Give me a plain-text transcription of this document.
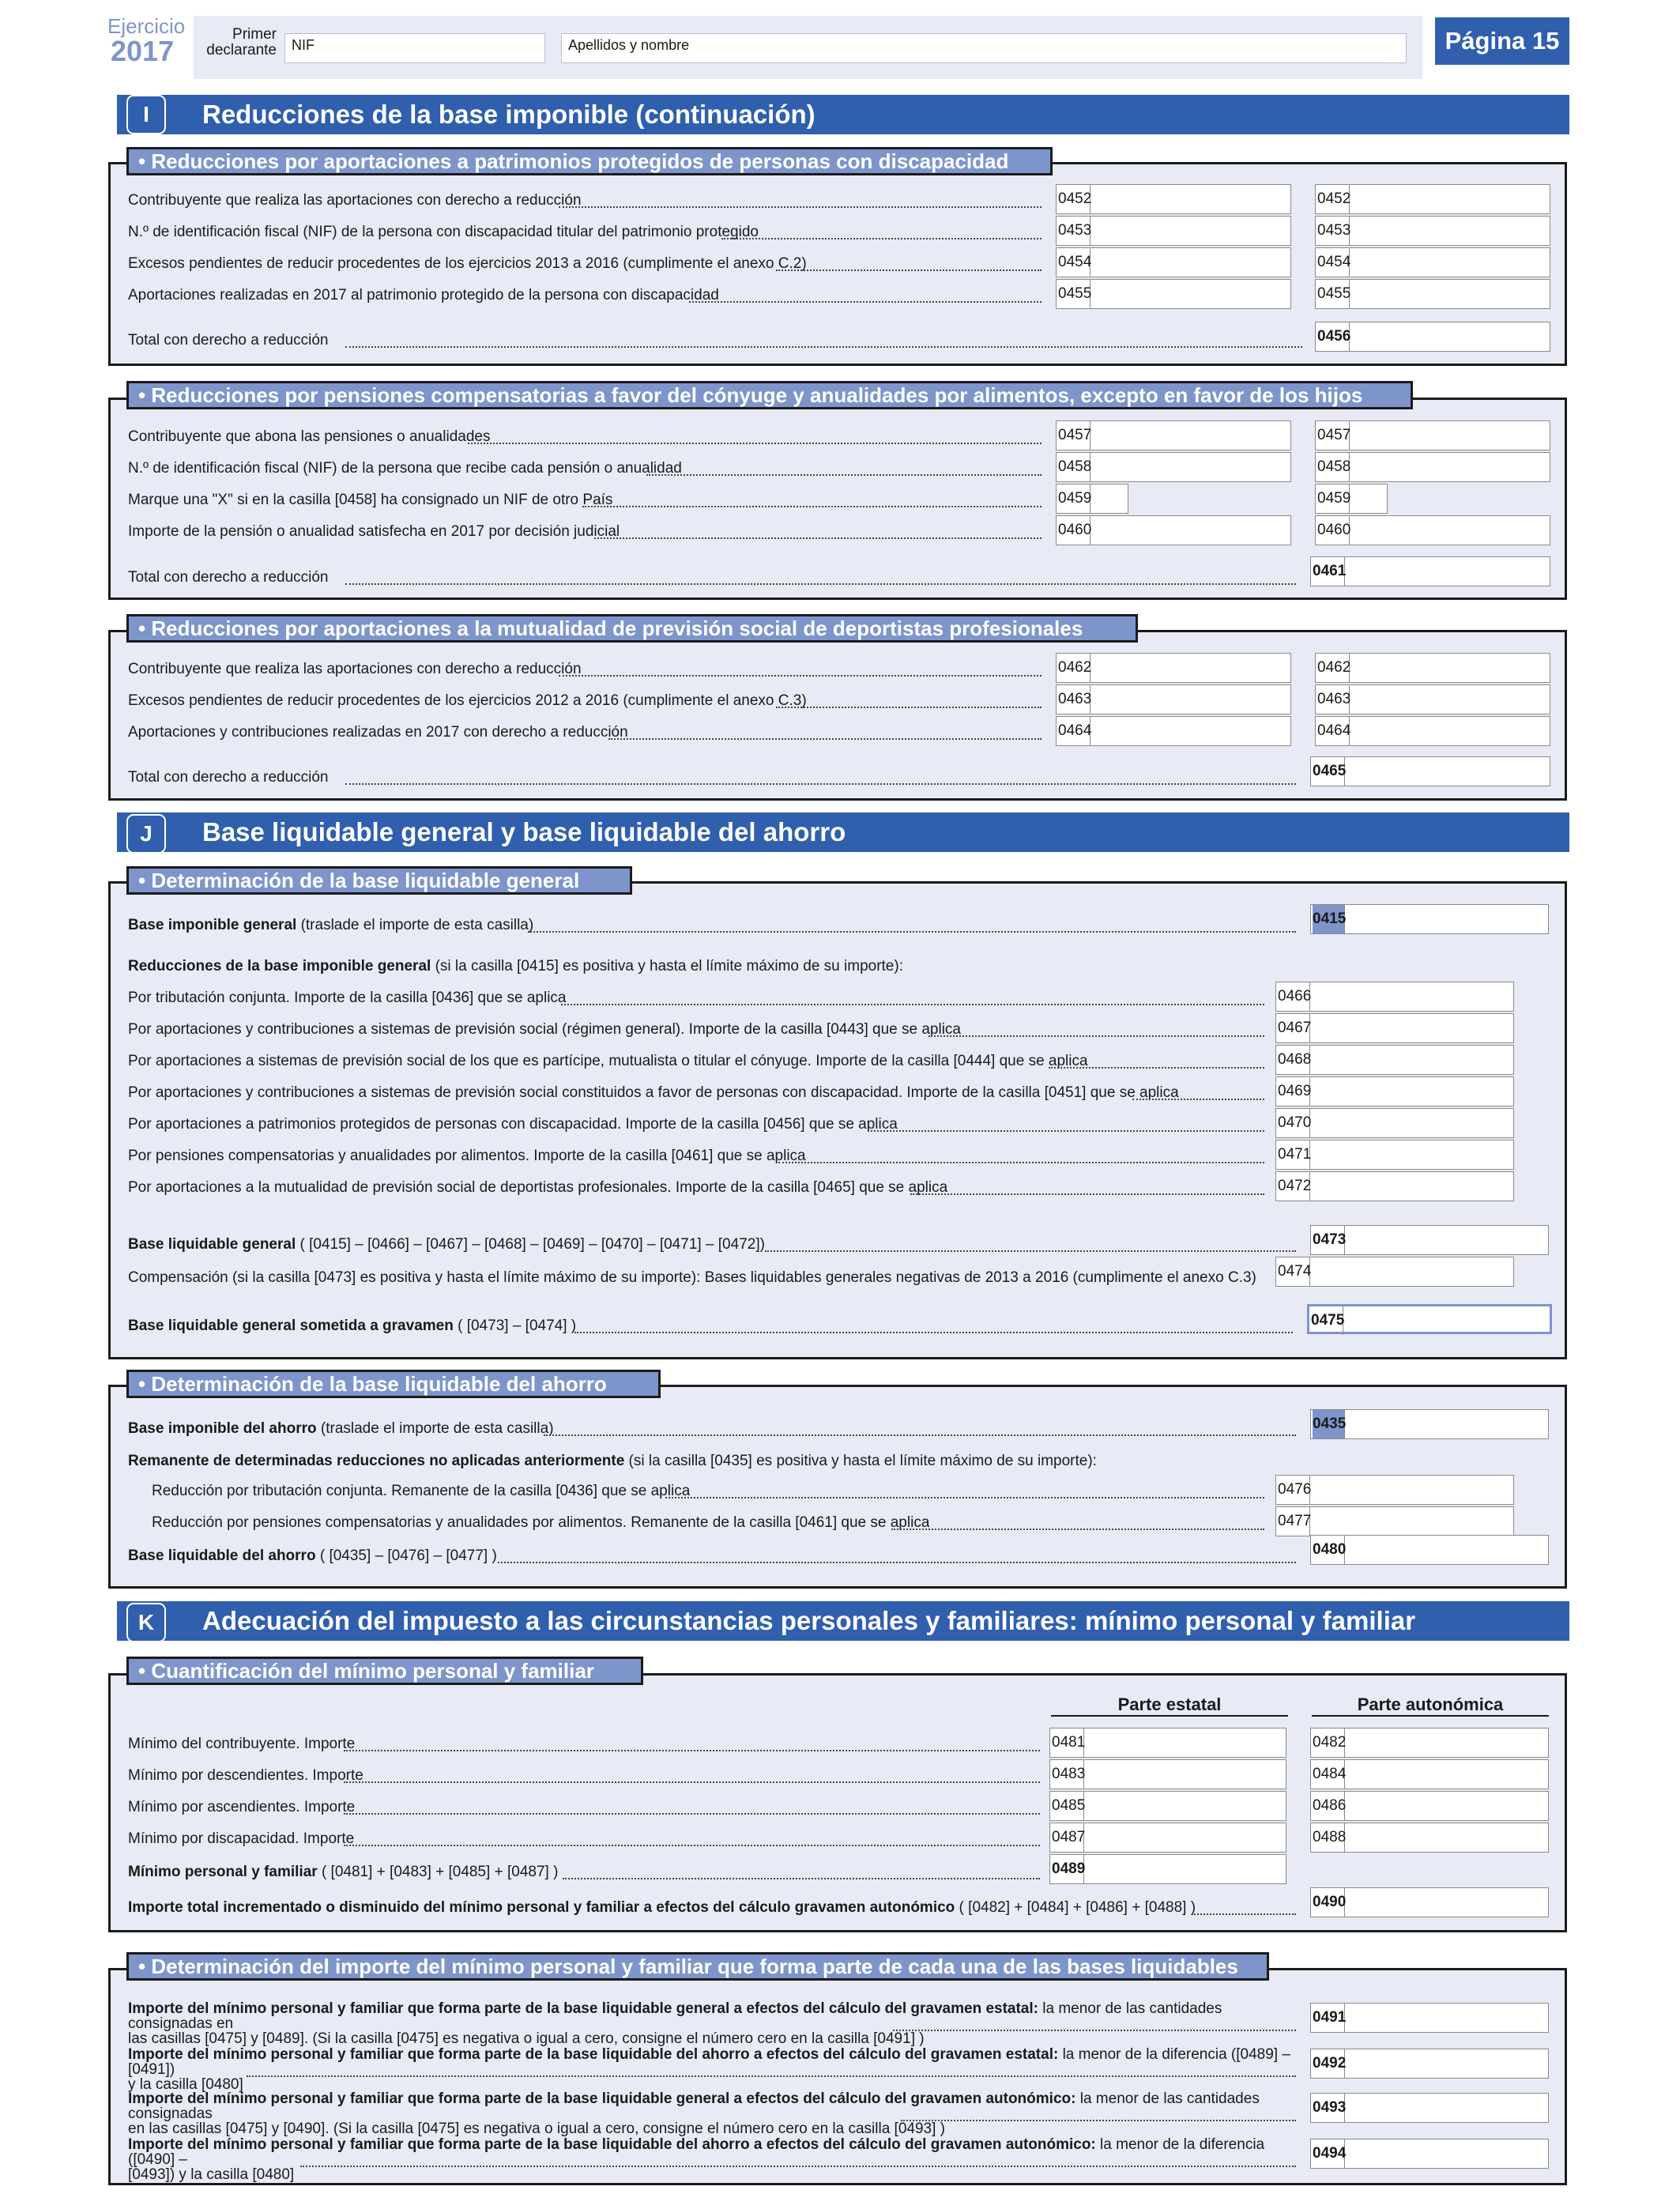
Ejercicio
2017
Primer declarante	NIF	Apellidos y nombre	Página 15
I	Reducciones de la base imponible (continuación)
• Reducciones por aportaciones a patrimonios protegidos de personas con discapacidad
• Reducciones por pensiones compensatorias a favor del cónyuge y anualidades por alimentos, excepto en favor de los hijos
• Reducciones por aportaciones a la mutualidad de previsión social de deportistas profesionales
J	Base liquidable general y base liquidable del ahorro
• Determinación de la base liquidable general
• Determinación de la base liquidable del ahorro
K	Adecuación del impuesto a las circunstancias personales y familiares: mínimo personal y familiar
• Cuantificación del mínimo personal y familiar
• Determinación del importe del mínimo personal y familiar que forma parte de cada una de las bases liquidables
Contribuyente que realiza las aportaciones con derecho a reducción	0452	0452
N.º de identificación fiscal (NIF) de la persona con discapacidad titular del patrimonio protegido	0453	0453
Excesos pendientes de reducir procedentes de los ejercicios 2013 a 2016 (cumplimente el anexo C.2)	0454	0454
Aportaciones realizadas en 2017 al patrimonio protegido de la persona con discapacidad	0455	0455
Total con derecho a reducción	0456
Contribuyente que abona las pensiones o anualidades	0457	0457
N.º de identificación fiscal (NIF) de la persona que recibe cada pensión o anualidad	0458	0458
Marque una "X" si en la casilla [0458] ha consignado un NIF de otro País	0459	0459
Importe de la pensión o anualidad satisfecha en 2017 por decisión judicial	0460	0460
Total con derecho a reducción	0461
Contribuyente que realiza las aportaciones con derecho a reducción	0462	0462
Excesos pendientes de reducir procedentes de los ejercicios 2012 a 2016 (cumplimente el anexo C.3)	0463	0463
Aportaciones y contribuciones realizadas en 2017 con derecho a reducción	0464	0464
Total con derecho a reducción	0465
Base imponible general (traslade el importe de esta casilla)	0415
Reducciones de la base imponible general (si la casilla [0415] es positiva y hasta el límite máximo de su importe):
Por tributación conjunta. Importe de la casilla [0436] que se aplica	0466
Por aportaciones y contribuciones a sistemas de previsión social (régimen general). Importe de la casilla [0443] que se aplica	0467
Por aportaciones a sistemas de previsión social de los que es partícipe, mutualista o titular el cónyuge. Importe de la casilla [0444] que se aplica	0468
Por aportaciones y contribuciones a sistemas de previsión social constituidos a favor de personas con discapacidad. Importe de la casilla [0451] que se aplica	0469
Por aportaciones a patrimonios protegidos de personas con discapacidad. Importe de la casilla [0456] que se aplica	0470
Por pensiones compensatorias y anualidades por alimentos. Importe de la casilla [0461] que se aplica	0471
Por aportaciones a la mutualidad de previsión social de deportistas profesionales. Importe de la casilla [0465] que se aplica	0472
Base liquidable general ( [0415] – [0466] – [0467] – [0468] – [0469] – [0470] – [0471] – [0472])	0473
Compensación (si la casilla [0473] es positiva y hasta el límite máximo de su importe): Bases liquidables generales negativas de 2013 a 2016 (cumplimente el anexo C.3) 0474
Base liquidable general sometida a gravamen ( [0473] – [0474] )	0475
Base imponible del ahorro (traslade el importe de esta casilla)	0435
Remanente de determinadas reducciones no aplicadas anteriormente (si la casilla [0435] es positiva y hasta el límite máximo de su importe):
Reducción por tributación conjunta. Remanente de la casilla [0436] que se aplica	0476
Reducción por pensiones compensatorias y anualidades por alimentos. Remanente de la casilla [0461] que se aplica	0477
Base liquidable del ahorro ( [0435] – [0476] – [0477] )	0480
Parte estatal	Parte autonómica
Mínimo del contribuyente. Importe	0481	0482
Mínimo por descendientes. Importe	0483	0484
Mínimo por ascendientes. Importe	0485	0486
Mínimo por discapacidad. Importe	0487	0488
Mínimo personal y familiar ( [0481] + [0483] + [0485] + [0487] )	0489
Importe total incrementado o disminuido del mínimo personal y familiar a efectos del cálculo gravamen autonómico ( [0482] + [0484] + [0486] + [0488] )	0490
Importe del mínimo personal y familiar que forma parte de la base liquidable general a efectos del cálculo del gravamen estatal: la menor de las cantidades consignadas en
las casillas [0475] y [0489]. (Si la casilla [0475] es negativa o igual a cero, consigne el número cero en la casilla [0491] )
0491
Importe del mínimo personal y familiar que forma parte de la base liquidable del ahorro a efectos del cálculo del gravamen estatal: la menor de la diferencia ([0489] – [0491])
y la casilla [0480]
0492
Importe del mínimo personal y familiar que forma parte de la base liquidable general a efectos del cálculo del gravamen autonómico: la menor de las cantidades consignadas
en las casillas [0475] y [0490]. (Si la casilla [0475] es negativa o igual a cero, consigne el número cero en la casilla [0493] )
0493
Importe del mínimo personal y familiar que forma parte de la base liquidable del ahorro a efectos del cálculo del gravamen autonómico: la menor de la diferencia ([0490] –
[0493]) y la casilla [0480]
0494
